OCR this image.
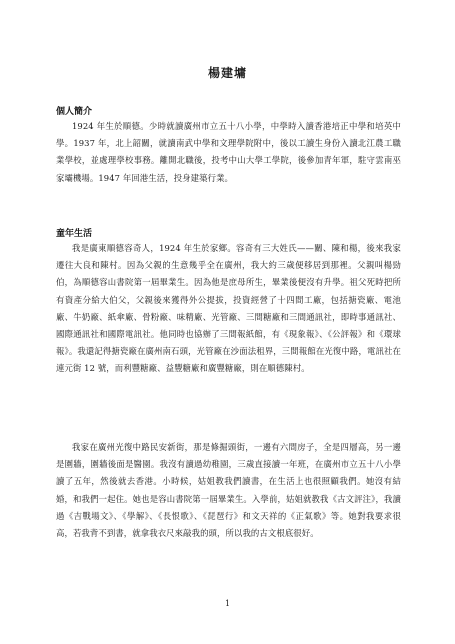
楊建墉
個人簡介
1924 年生於順德。少時就讀廣州市立五十八小學，中學時入讀香港培正中學和培英中學。1937 年，北上韶關，就讀南武中學和文理學院附中，後以工讀生身份入讀北江農工職業學校，並處理學校事務。離開北職後，投考中山大學工學院，後參加青年軍，駐守雲南巫家壩機場。1947 年回港生活，投身建築行業。
童年生活
我是廣東順德容奇人，1924 年生於家鄉。容奇有三大姓氏——關、陳和楊，後來我家遷往大良和陳村。因為父親的生意幾乎全在廣州，我大約三歲便移居到那裡。父親叫楊勁伯，為順德容山書院第一屆畢業生。因為他是庶母所生，畢業後便沒有升學。祖父死時把所有資產分給大伯父，父親後來獲得外公提拔，投資經營了十四間工廠，包括搪瓷廠、電池廠、牛奶廠、紙傘廠、骨粉廠、味精廠、光管廠、三間糖廠和三間通訊社，即時事通訊社、國際通訊社和國際電訊社。他同時也協辦了三間報紙館，有《現象報》、《公評報》和《環球報》。我還記得搪瓷廠在廣州南石頭，光管廠在沙面法租界，三間報館在光復中路，電訊社在連元街 12 號，而利豐糖廠、益豐糖廠和廣豐糖廠，則在順德陳村。
我家在廣州光復中路民安新街，那是條掘頭街，一邊有六間房子，全是四層高，另一邊是圍牆，圍牆後面是醫園。我沒有讀過幼稚園，三歲直接讀一年班，在廣州市立五十八小學讀了五年，然後就去香港。小時候，姑姐教我們讀書，在生活上也很照顧我們。她沒有結婚，和我們一起住。她也是容山書院第一屆畢業生。入學前，姑姐就教我《古文評注》，我讀過《吉戰場文》、《學解》、《長恨歌》、《琵琶行》和文天祥的《正氣歌》等。她對我要求很高，若我背不到書，就拿我衣尺來敲我的頭，所以我的古文根底很好。
1
